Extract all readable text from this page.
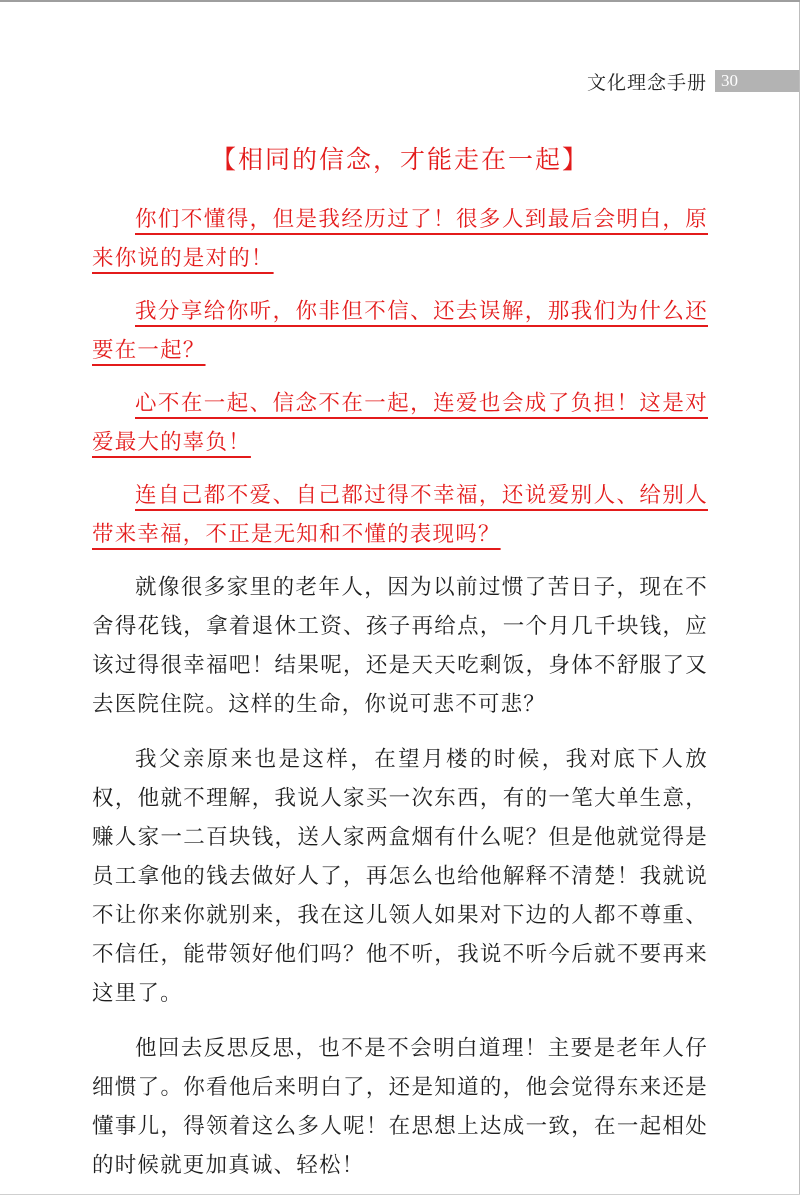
文化理念手册 30
【相同的信念，才能走在一起】

你们不懂得，但是我经历过了！很多人到最后会明白，原来你说的是对的！

我分享给你听，你非但不信、还去误解，那我们为什么还要在一起？

心不在一起、信念不在一起，连爱也会成了负担！这是对爱最大的辜负！

连自己都不爱、自己都过得不幸福，还说爱别人、给别人带来幸福，不正是无知和不懂的表现吗？

就像很多家里的老年人，因为以前过惯了苦日子，现在不舍得花钱，拿着退休工资、孩子再给点，一个月几千块钱，应该过得很幸福吧！结果呢，还是天天吃剩饭，身体不舒服了又去医院住院。这样的生命，你说可悲不可悲？

我父亲原来也是这样，在望月楼的时候，我对底下人放权，他就不理解，我说人家买一次东西，有的一笔大单生意，赚人家一二百块钱，送人家两盒烟有什么呢？但是他就觉得是员工拿他的钱去做好人了，再怎么也给他解释不清楚！我就说不让你来你就别来，我在这儿领人如果对下边的人都不尊重、不信任，能带领好他们吗？他不听，我说不听今后就不要再来这里了。

他回去反思反思，也不是不会明白道理！主要是老年人仔细惯了。你看他后来明白了，还是知道的，他会觉得东来还是懂事儿，得领着这么多人呢！在思想上达成一致，在一起相处的时候就更加真诚、轻松！
